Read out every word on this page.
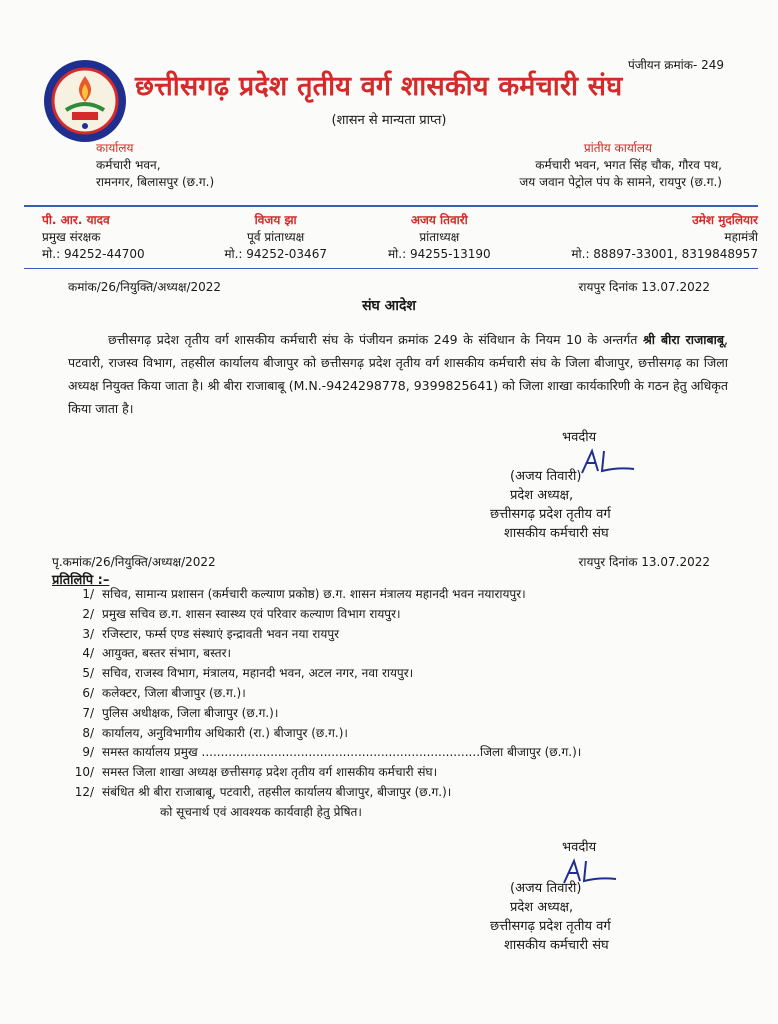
पंजीयन क्रमांक- 249
छत्तीसगढ़ प्रदेश तृतीय वर्ग शासकीय कर्मचारी संघ
(शासन से मान्यता प्राप्त)
कार्यालय
कर्मचारी भवन,
रामनगर, बिलासपुर (छ.ग.)
प्रांतीय कार्यालय
कर्मचारी भवन, भगत सिंह चौक, गौरव पथ,
जय जवान पेट्रोल पंप के सामने, रायपुर (छ.ग.)
पी. आर. यादव
प्रमुख संरक्षक
मो.: 94252-44700
विजय झा
पूर्व प्रांताध्यक्ष
मो.: 94252-03467
अजय तिवारी
प्रांताध्यक्ष
मो.: 94255-13190
उमेश मुदलियार
महामंत्री
मो.: 88897-33001, 8319848957
कमांक/26/नियुक्ति/अध्यक्ष/2022	रायपुर दिनांक 13.07.2022
संघ आदेश
छत्तीसगढ़ प्रदेश तृतीय वर्ग शासकीय कर्मचारी संघ के पंजीयन क्रमांक 249 के संविधान के नियम 10 के अन्तर्गत श्री बीरा राजाबाबू, पटवारी, राजस्व विभाग, तहसील कार्यालय बीजापुर को छत्तीसगढ़ प्रदेश तृतीय वर्ग शासकीय कर्मचारी संघ के जिला बीजापुर, छत्तीसगढ़ का जिला अध्यक्ष नियुक्त किया जाता है। श्री बीरा राजाबाबू (M.N.-9424298778, 9399825641) को जिला शाखा कार्यकारिणी के गठन हेतु अधिकृत किया जाता है।
भवदीय
(अजय तिवारी)
प्रदेश अध्यक्ष,
छत्तीसगढ़ प्रदेश तृतीय वर्ग
शासकीय कर्मचारी संघ
पृ.कमांक/26/नियुक्ति/अध्यक्ष/2022	रायपुर दिनांक 13.07.2022
प्रतिलिपि :–
1/ सचिव, सामान्य प्रशासन (कर्मचारी कल्याण प्रकोष्ठ) छ.ग. शासन मंत्रालय महानदी भवन नयारायपुर।
2/ प्रमुख सचिव छ.ग. शासन स्वास्थ्य एवं परिवार कल्याण विभाग रायपुर।
3/ रजिस्टार, फर्म्स एण्ड संस्थाएं इन्द्रावती भवन नया रायपुर
4/ आयुक्त, बस्तर संभाग, बस्तर।
5/ सचिव, राजस्व विभाग, मंत्रालय, महानदी भवन, अटल नगर, नवा रायपुर।
6/ कलेक्टर, जिला बीजापुर (छ.ग.)।
7/ पुलिस अधीक्षक, जिला बीजापुर (छ.ग.)।
8/ कार्यालय, अनुविभागीय अधिकारी (रा.) बीजापुर (छ.ग.)।
9/ समस्त कार्यालय प्रमुख .........................................................................जिला बीजापुर (छ.ग.)।
10/ समस्त जिला शाखा अध्यक्ष छत्तीसगढ़ प्रदेश तृतीय वर्ग शासकीय कर्मचारी संघ।
12/ संबंधित श्री बीरा राजाबाबू, पटवारी, तहसील कार्यालय बीजापुर, बीजापुर (छ.ग.)।
को सूचनार्थ एवं आवश्यक कार्यवाही हेतु प्रेषित।
भवदीय
(अजय तिवारी)
प्रदेश अध्यक्ष,
छत्तीसगढ़ प्रदेश तृतीय वर्ग
शासकीय कर्मचारी संघ
